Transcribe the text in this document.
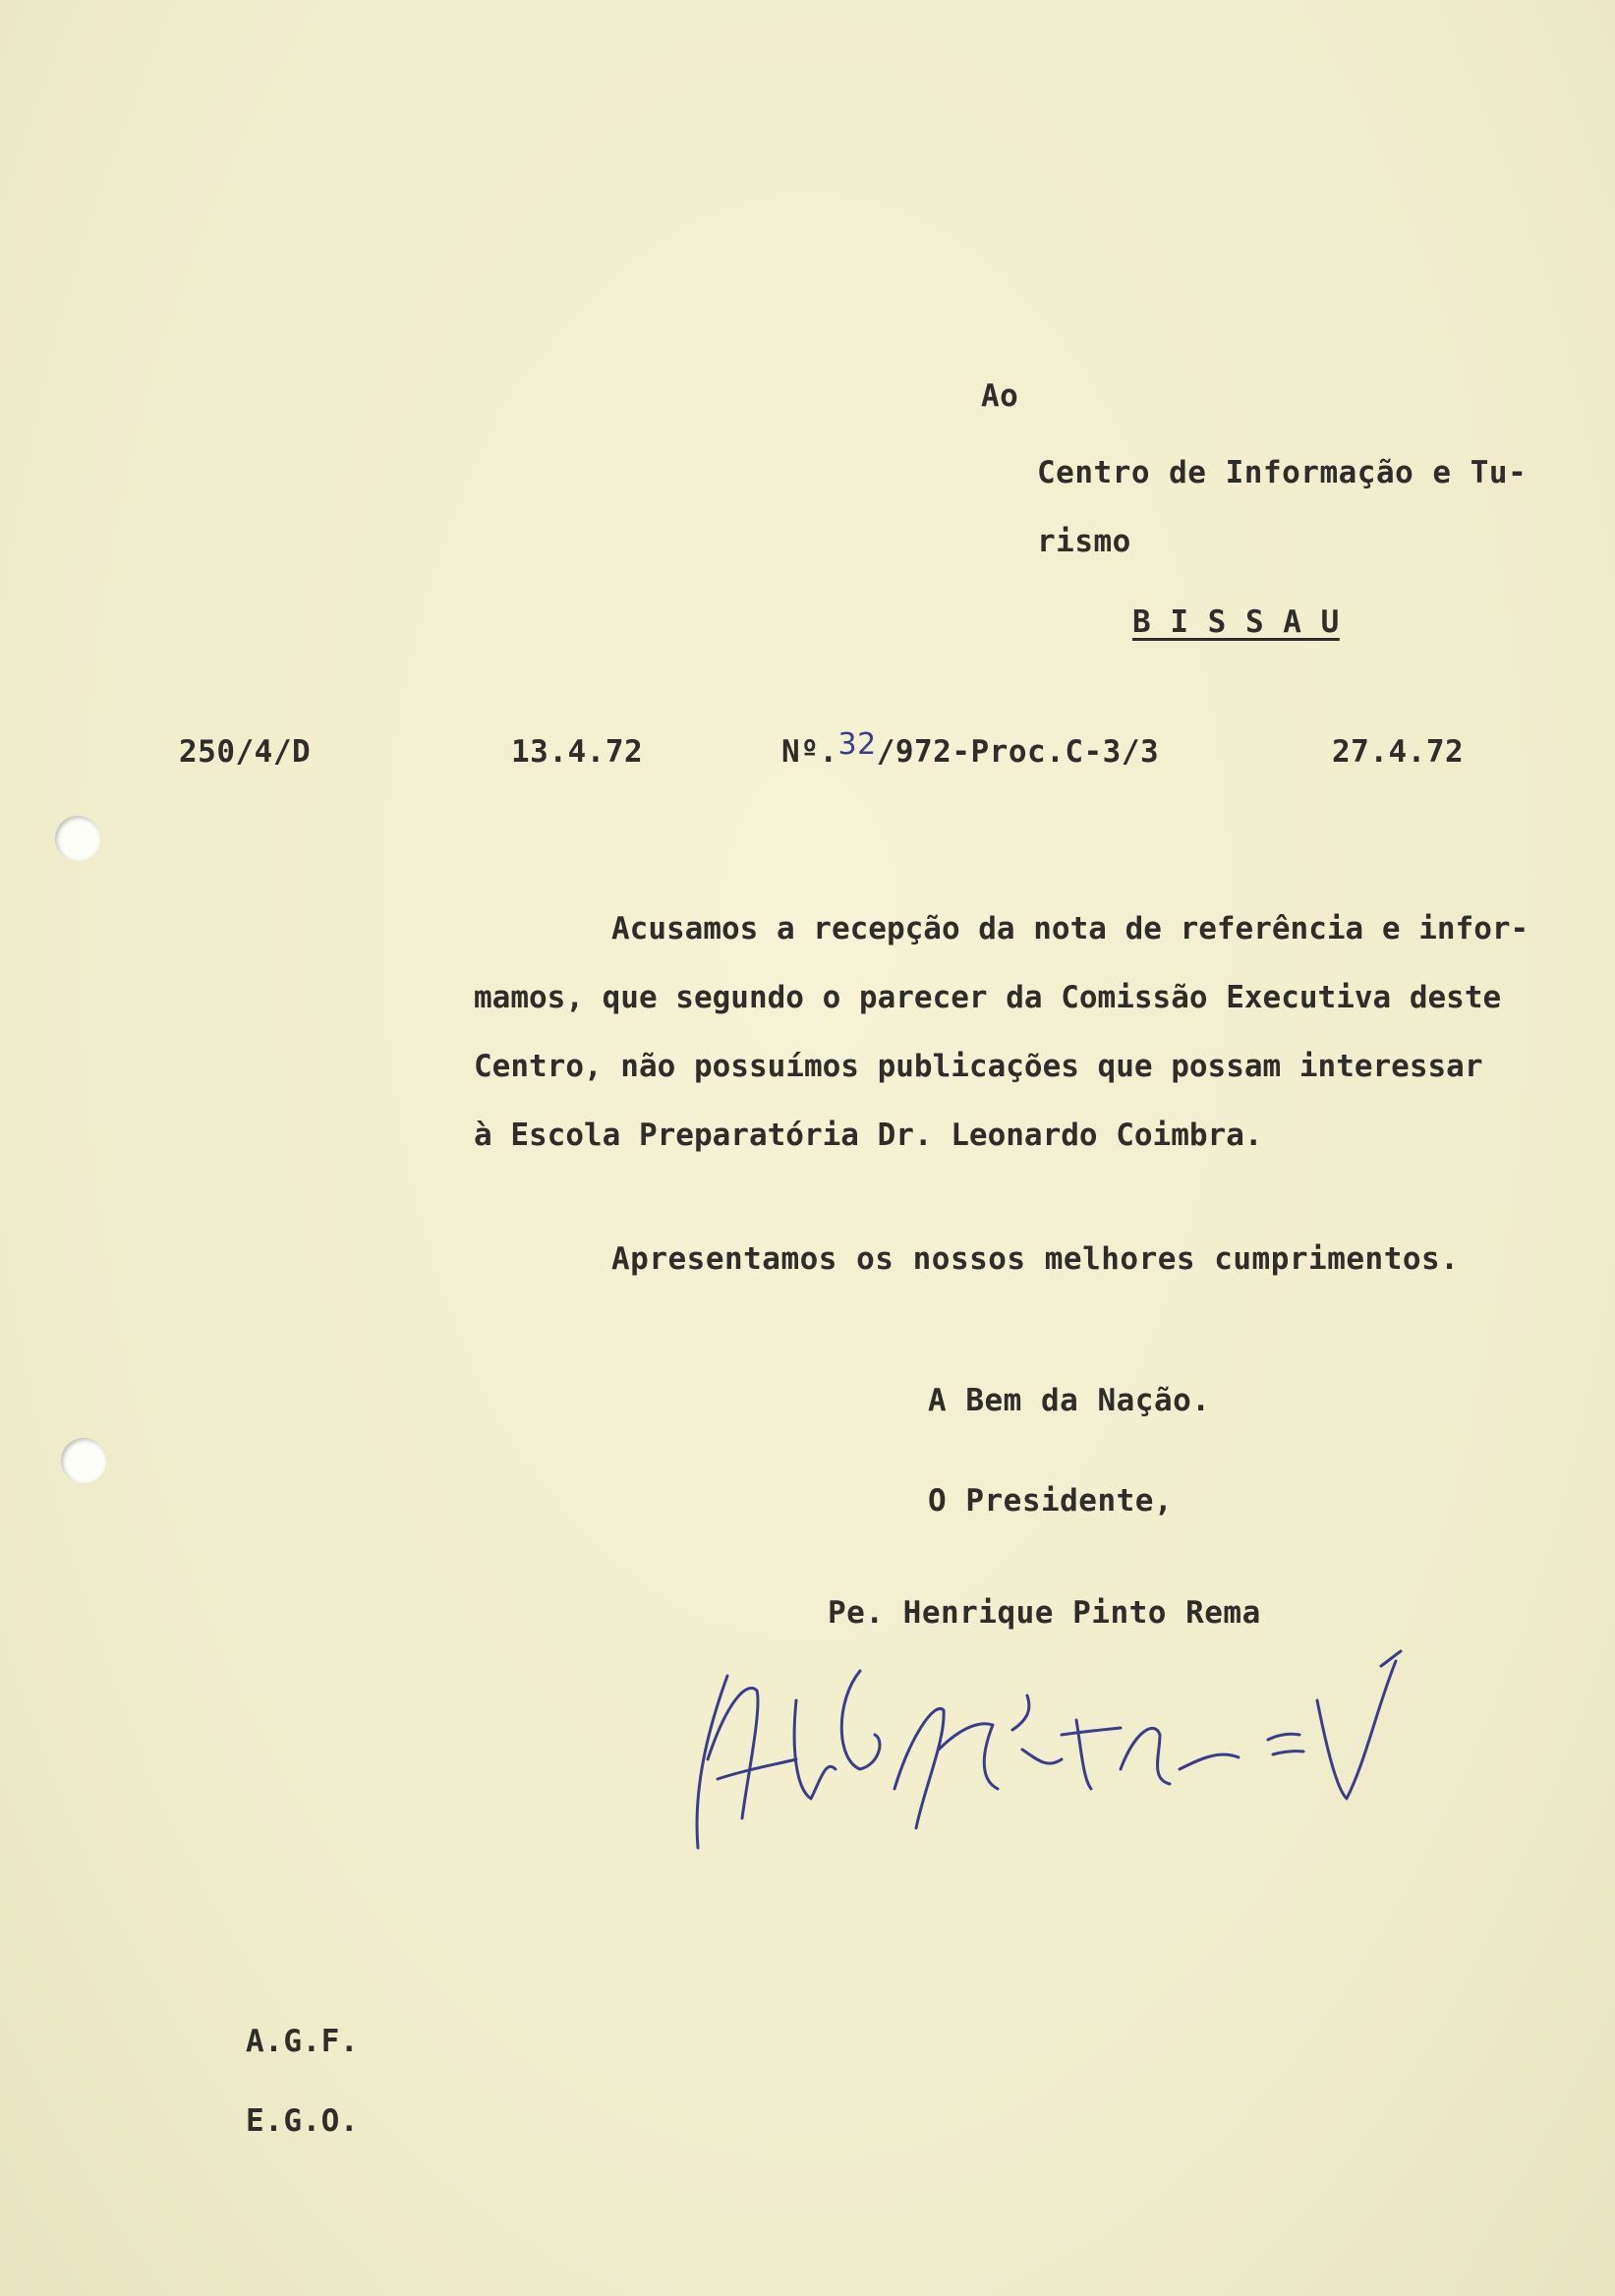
Ao
Centro de Informação e Tu-
rismo
B I S S A U
250/4/D	13.4.72	Nº.32/972-Proc.C-3/3	27.4.72
Acusamos a recepção da nota de referência e infor-
mamos, que segundo o parecer da Comissão Executiva deste
Centro, não possuímos publicações que possam interessar
à Escola Preparatória Dr. Leonardo Coimbra.
Apresentamos os nossos melhores cumprimentos.
A Bem da Nação.
O Presidente,
Pe. Henrique Pinto Rema
A.G.F.
E.G.O.
